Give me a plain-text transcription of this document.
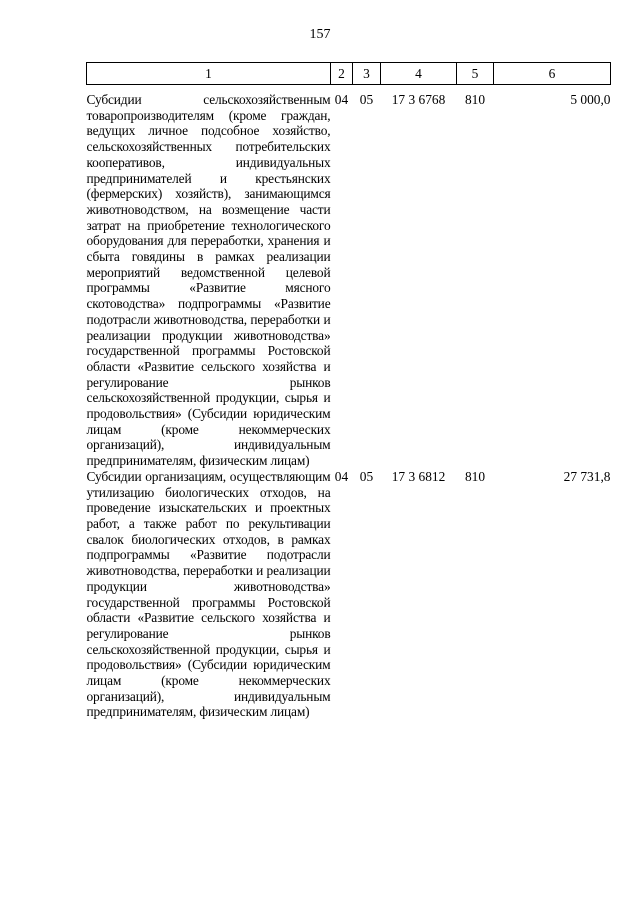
157
1	2	3	4	5	6
Субсидии сельскохозяйственным товаропроизводителям (кроме граждан, ведущих личное подсобное хозяйство, сельскохозяйственных потребительских кооперативов, индивидуальных предпринимателей и крестьянских (фермерских) хозяйств), занимающимся животноводством, на возмещение части затрат на приобретение технологического оборудования для переработки, хранения и сбыта говядины в рамках реализации мероприятий ведомственной целевой программы «Развитие мясного скотоводства» подпрограммы «Развитие подотрасли животноводства, переработки и реализации продукции животноводства» государственной программы Ростовской области «Развитие сельского хозяйства и регулирование рынков сельскохозяйственной продукции, сырья и продовольствия» (Субсидии юридическим лицам (кроме некоммерческих организаций), индивидуальным предпринимателям, физическим лицам)	04	05	17 3 6768	810	5 000,0
Субсидии организациям, осуществляющим утилизацию биологических отходов, на проведение изыскательских и проектных работ, а также работ по рекультивации свалок биологических отходов, в рамках подпрограммы «Развитие подотрасли животноводства, переработки и реализации продукции животноводства» государственной программы Ростовской области «Развитие сельского хозяйства и регулирование рынков сельскохозяйственной продукции, сырья и продовольствия» (Субсидии юридическим лицам (кроме некоммерческих организаций), индивидуальным предпринимателям, физическим лицам)	04	05	17 3 6812	810	27 731,8
